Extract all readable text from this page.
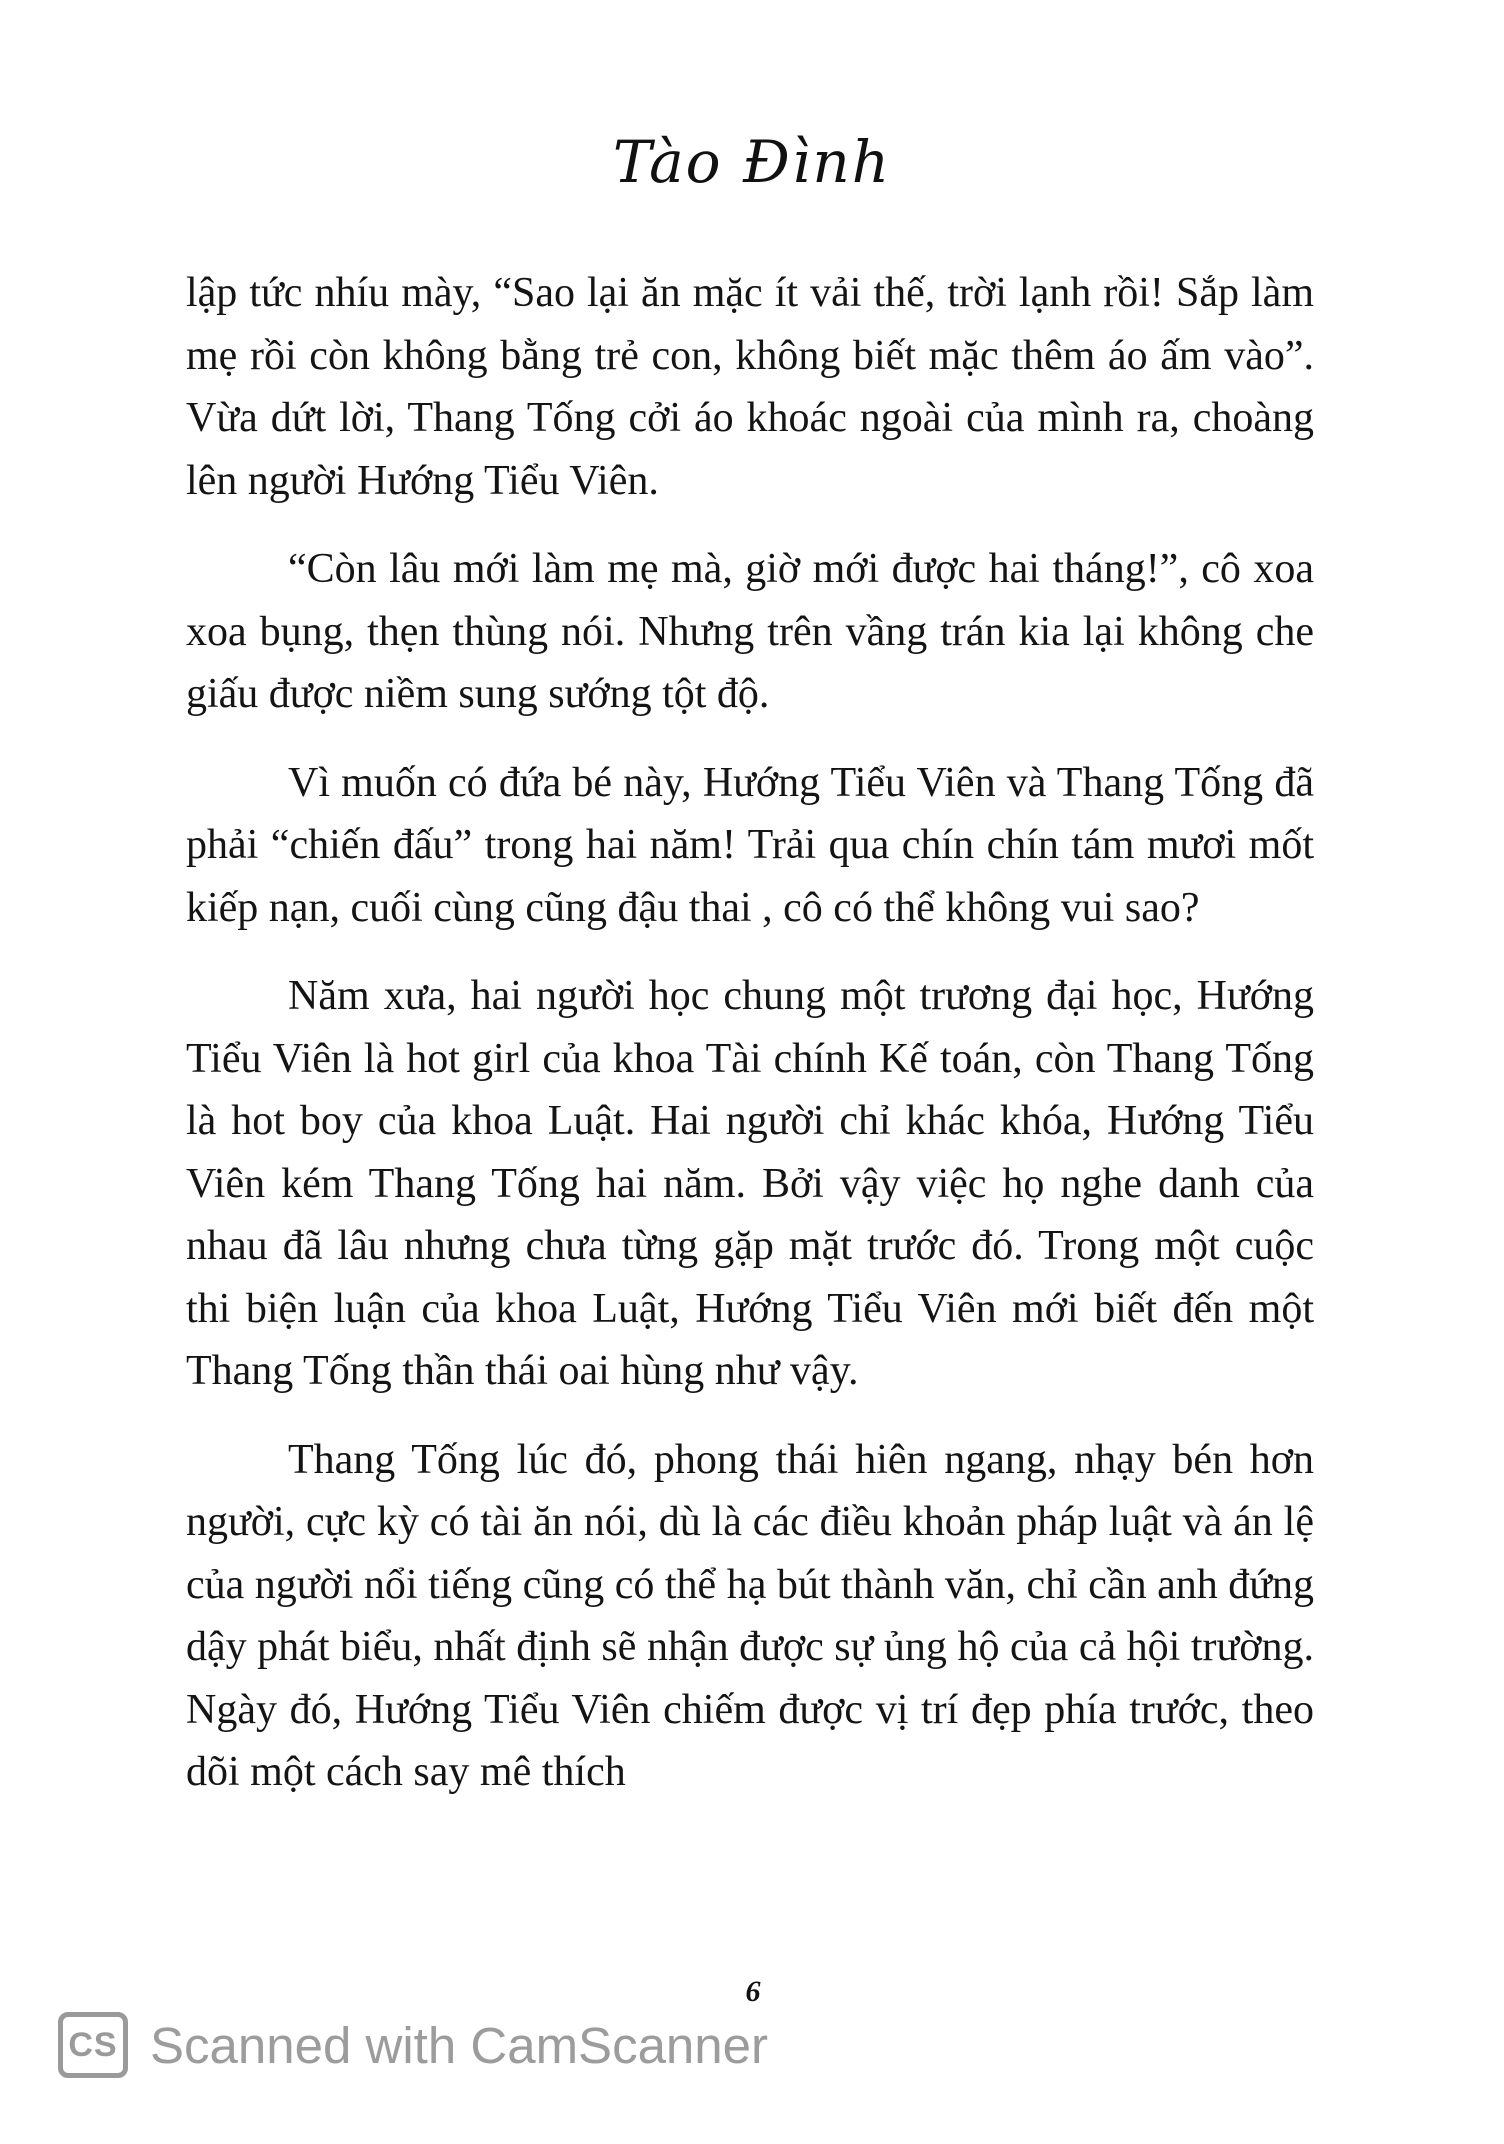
Tào Đình

lập tức nhíu mày, “Sao lại ăn mặc ít vải thế, trời lạnh rồi! Sắp làm mẹ rồi còn không bằng trẻ con, không biết mặc thêm áo ấm vào”. Vừa dứt lời, Thang Tống cởi áo khoác ngoài của mình ra, choàng lên người Hướng Tiểu Viên.

“Còn lâu mới làm mẹ mà, giờ mới được hai tháng!”, cô xoa xoa bụng, thẹn thùng nói. Nhưng trên vầng trán kia lại không che giấu được niềm sung sướng tột độ.

Vì muốn có đứa bé này, Hướng Tiểu Viên và Thang Tống đã phải “chiến đấu” trong hai năm! Trải qua chín chín tám mươi mốt kiếp nạn, cuối cùng cũng đậu thai , cô có thể không vui sao?

Năm xưa, hai người học chung một trương đại học, Hướng Tiểu Viên là hot girl của khoa Tài chính Kế toán, còn Thang Tống là hot boy của khoa Luật. Hai người chỉ khác khóa, Hướng Tiểu Viên kém Thang Tống hai năm. Bởi vậy việc họ nghe danh của nhau đã lâu nhưng chưa từng gặp mặt trước đó. Trong một cuộc thi biện luận của khoa Luật, Hướng Tiểu Viên mới biết đến một Thang Tống thần thái oai hùng như vậy.

Thang Tống lúc đó, phong thái hiên ngang, nhạy bén hơn người, cực kỳ có tài ăn nói, dù là các điều khoản pháp luật và án lệ của người nổi tiếng cũng có thể hạ bút thành văn, chỉ cần anh đứng dậy phát biểu, nhất định sẽ nhận được sự ủng hộ của cả hội trường. Ngày đó, Hướng Tiểu Viên chiếm được vị trí đẹp phía trước, theo dõi một cách say mê thích

6
CS Scanned with CamScanner
